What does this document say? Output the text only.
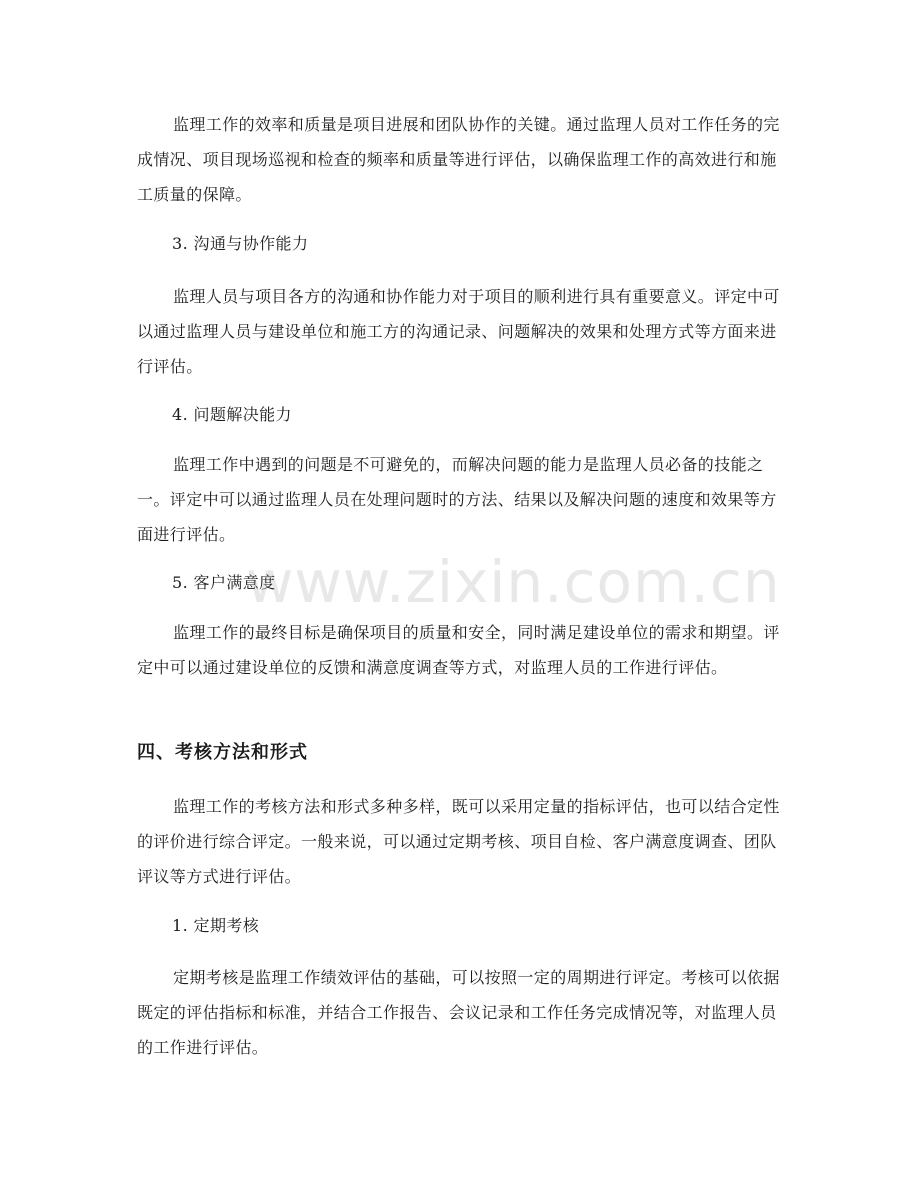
监理工作的效率和质量是项目进展和团队协作的关键。通过监理人员对工作任务的完成情况、项目现场巡视和检查的频率和质量等进行评估，以确保监理工作的高效进行和施工质量的保障。
3. 沟通与协作能力
监理人员与项目各方的沟通和协作能力对于项目的顺利进行具有重要意义。评定中可以通过监理人员与建设单位和施工方的沟通记录、问题解决的效果和处理方式等方面来进行评估。
4. 问题解决能力
监理工作中遇到的问题是不可避免的，而解决问题的能力是监理人员必备的技能之一。评定中可以通过监理人员在处理问题时的方法、结果以及解决问题的速度和效果等方面进行评估。
5. 客户满意度
监理工作的最终目标是确保项目的质量和安全，同时满足建设单位的需求和期望。评定中可以通过建设单位的反馈和满意度调查等方式，对监理人员的工作进行评估。
四、考核方法和形式
监理工作的考核方法和形式多种多样，既可以采用定量的指标评估，也可以结合定性的评价进行综合评定。一般来说，可以通过定期考核、项目自检、客户满意度调查、团队评议等方式进行评估。
1. 定期考核
定期考核是监理工作绩效评估的基础，可以按照一定的周期进行评定。考核可以依据既定的评估指标和标准，并结合工作报告、会议记录和工作任务完成情况等，对监理人员的工作进行评估。
www.zixin.com.cn
